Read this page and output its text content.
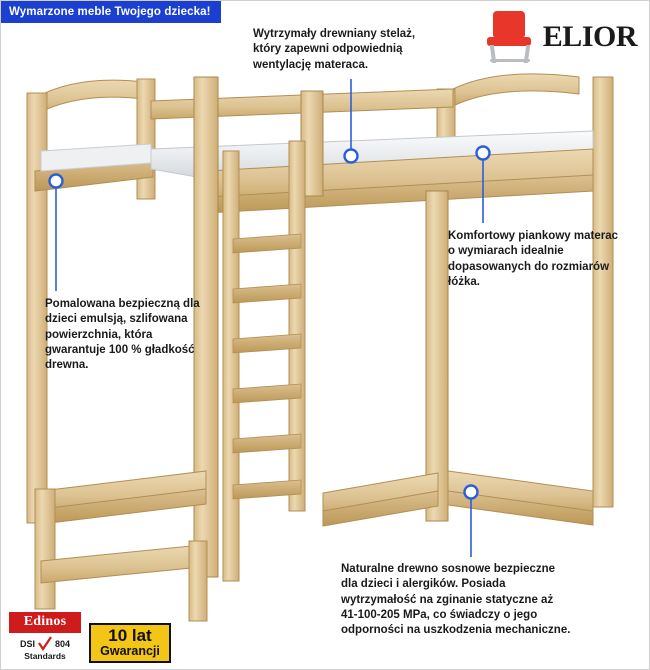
Wymarzone meble Twojego dziecka!
ELIOR
Wytrzymały drewniany stelaż, który zapewni odpowiednią wentylację materaca.
Komfortowy piankowy materac o wymiarach idealnie dopasowanych do rozmiarów łóżka.
Pomalowana bezpieczną dla dzieci emulsją, szlifowana powierzchnia, która gwarantuje 100 % gładkość drewna.
Naturalne drewno sosnowe bezpieczne dla dzieci i alergików. Posiada wytrzymałość na zginanie statyczne aż 41-100-205 MPa, co świadczy o jego odporności na uszkodzenia mechaniczne.
Edinos
DSI 804
Standards
10 lat
Gwarancji
